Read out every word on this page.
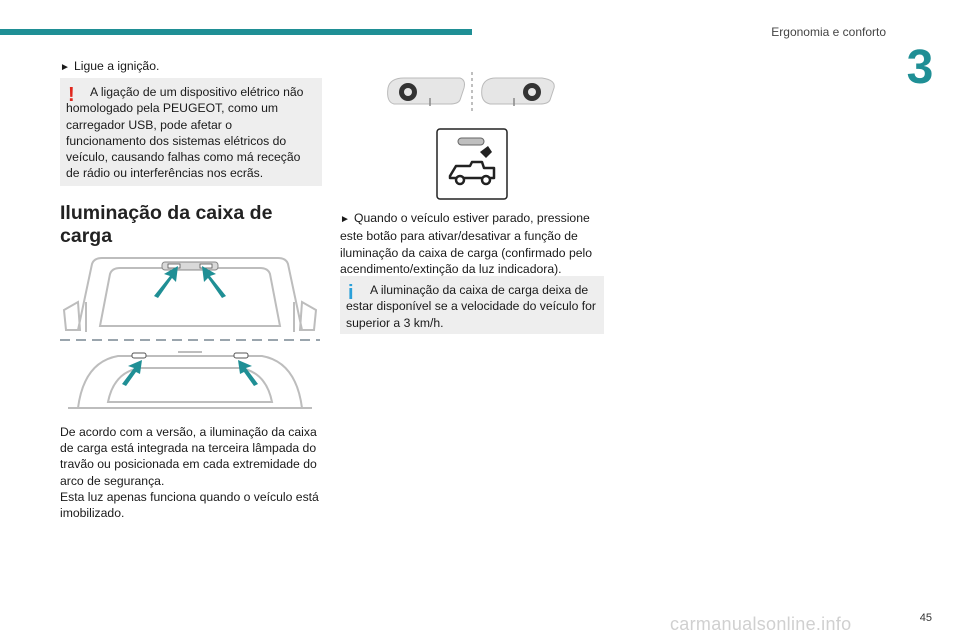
Ergonomia e conforto
3
► Ligue a ignição.
!	A ligação de um dispositivo elétrico não homologado pela PEUGEOT, como um carregador USB, pode afetar o funcionamento dos sistemas elétricos do veículo, causando falhas como má receção de rádio ou interferências nos ecrãs.

Iluminação da caixa de
carga
De acordo com a versão, a iluminação da caixa de carga está integrada na terceira lâmpada do travão ou posicionada em cada extremidade do arco de segurança.
Esta luz apenas funciona quando o veículo está imobilizado.
► Quando o veículo estiver parado, pressione este botão para ativar/desativar a função de iluminação da caixa de carga (confirmado pelo acendimento/extinção da luz indicadora).
i	A iluminação da caixa de carga deixa de estar disponível se a velocidade do veículo for superior a 3 km/h.

carmanualsonline.info	45
